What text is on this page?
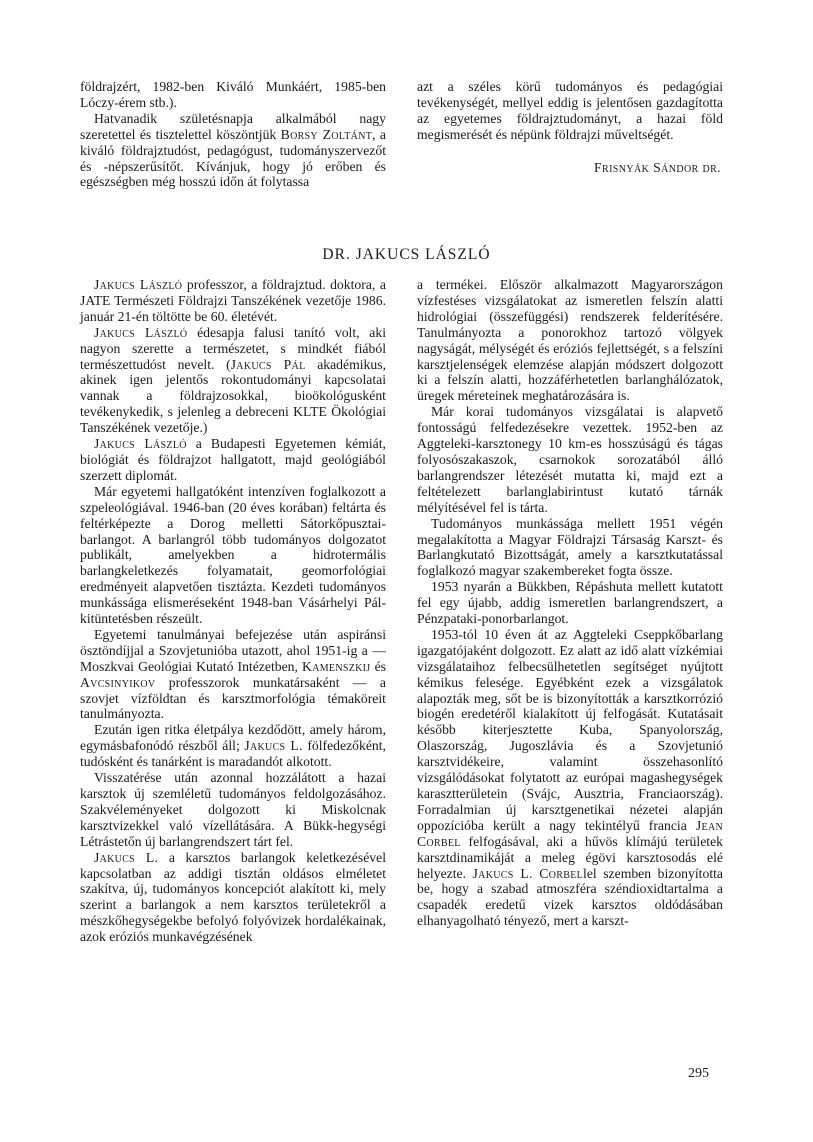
földrajzért, 1982-ben Kiváló Munkáért, 1985-ben Lóczy-érem stb.).

Hatvanadik születésnapja alkalmából nagy szeretettel és tisztelettel köszöntjük Borsy Zoltánt, a kiváló földrajztudóst, pedagógust, tudományszervezőt és -népszerűsítőt. Kívánjuk, hogy jó erőben és egészségben még hosszú időn át folytassa

azt a széles körű tudományos és pedagógiai tevékenységét, mellyel eddig is jelentősen gazdagította az egyetemes földrajztudományt, a hazai föld megismerését és népünk földrajzi műveltségét.

Frisnyák Sándor dr.

DR. JAKUCS LÁSZLÓ

Jakucs László professzor, a földrajztud. doktora, a JATE Természeti Földrajzi Tanszékének vezetője 1986. január 21-én töltötte be 60. életévét.

Jakucs László édesapja falusi tanító volt, aki nagyon szerette a természetet, s mindkét fiából természettudóst nevelt. (Jakucs Pál akadémikus, akinek igen jelentős rokontudományi kapcsolatai vannak a földrajzosokkal, bioökológusként tevékenykedik, s jelenleg a debreceni KLTE Ökológiai Tanszékének vezetője.)

Jakucs László a Budapesti Egyetemen kémiát, biológiát és földrajzot hallgatott, majd geológiából szerzett diplomát.

Már egyetemi hallgatóként intenzíven foglalkozott a szpeleológiával. 1946-ban (20 éves korában) feltárta és feltérképezte a Dorog melletti Sátorkőpusztai-barlangot. A barlangról több tudományos dolgozatot publikált, amelyekben a hidrotermális barlangkeletkezés folyamatait, geomorfológiai eredményeit alapvetően tisztázta. Kezdeti tudományos munkássága elismeréseként 1948-ban Vásárhelyi Pál-kitüntetésben részeült.

Egyetemi tanulmányai befejezése után aspiránsi ösztöndíjjal a Szovjetunióba utazott, ahol 1951-ig a — Moszkvai Geológiai Kutató Intézetben, Kamenszkij és Avcsinyikov professzorok munkatársaként — a szovjet vízföldtan és karsztmorfológia témaköreit tanulmányozta.

Ezután igen ritka életpálya kezdődött, amely három, egymásbafonódó részből áll; Jakucs L. fölfedezőként, tudósként és tanárként is maradandót alkotott.

Visszatérése után azonnal hozzálátott a hazai karsztok új szemléletű tudományos feldolgozásához. Szakvéleményeket dolgozott ki Miskolcnak karsztvizekkel való vízellátására. A Bükk-hegységi Létrástetőn új barlangrendszert tárt fel.

Jakucs L. a karsztos barlangok keletkezésével kapcsolatban az addigi tisztán oldásos elméletet szakítva, új, tudományos koncepciót alakított ki, mely szerint a barlangok a nem karsztos területekről a mészkőhegységekbe befolyó folyóvizek hordalékainak, azok eróziós munkavégzésének

a termékei. Először alkalmazott Magyarországon vízfestéses vizsgálatokat az ismeretlen felszín alatti hidrológiai (összefüggési) rendszerek felderítésére. Tanulmányozta a ponorokhoz tartozó völgyek nagyságát, mélységét és eróziós fejlettségét, s a felszíni karsztjelenségek elemzése alapján módszert dolgozott ki a felszín alatti, hozzáférhetetlen barlanghálózatok, üregek méreteinek meghatározására is.

Már korai tudományos vizsgálatai is alapvető fontosságú felfedezésekre vezettek. 1952-ben az Aggteleki-karsztonegy 10 km-es hosszúságú és tágas folyosószakaszok, csarnokok sorozatából álló barlangrendszer létezését mutatta ki, majd ezt a feltételezett barlanglabirintust kutató tárnák mélyítésével fel is tárta.

Tudományos munkássága mellett 1951 végén megalakította a Magyar Földrajzi Társaság Karszt- és Barlangkutató Bizottságát, amely a karsztkutatással foglalkozó magyar szakembereket fogta össze.

1953 nyarán a Bükkben, Répáshuta mellett kutatott fel egy újabb, addig ismeretlen barlangrendszert, a Pénzpataki-ponorbarlangot.

1953-tól 10 éven át az Aggteleki Cseppkőbarlang igazgatójaként dolgozott. Ez alatt az idő alatt vízkémiai vizsgálataihoz felbecsülhetetlen segítséget nyújtott kémikus felesége. Egyébként ezek a vizsgálatok alapozták meg, sőt be is bizonyították a karsztkorrózió biogén eredetéről kialakított új felfogását. Kutatásait később kiterjesztette Kuba, Spanyolország, Olaszország, Jugoszlávia és a Szovjetunió karsztvidékeire, valamint összehasonlító vizsgálódásokat folytatott az európai magashegységek karasztterületein (Svájc, Ausztria, Franciaország). Forradalmian új karsztgenetikai nézetei alapján oppozícióba került a nagy tekintélyű francia Jean Corbel felfogásával, aki a hűvös klímájú területek karsztdinamikáját a meleg égövi karsztosodás elé helyezte. Jakucs L. Corbellel szemben bizonyította be, hogy a szabad atmoszféra széndioxidtartalma a csapadék eredetű vizek karsztos oldódásában elhanyagolható tényező, mert a karszt-

295
